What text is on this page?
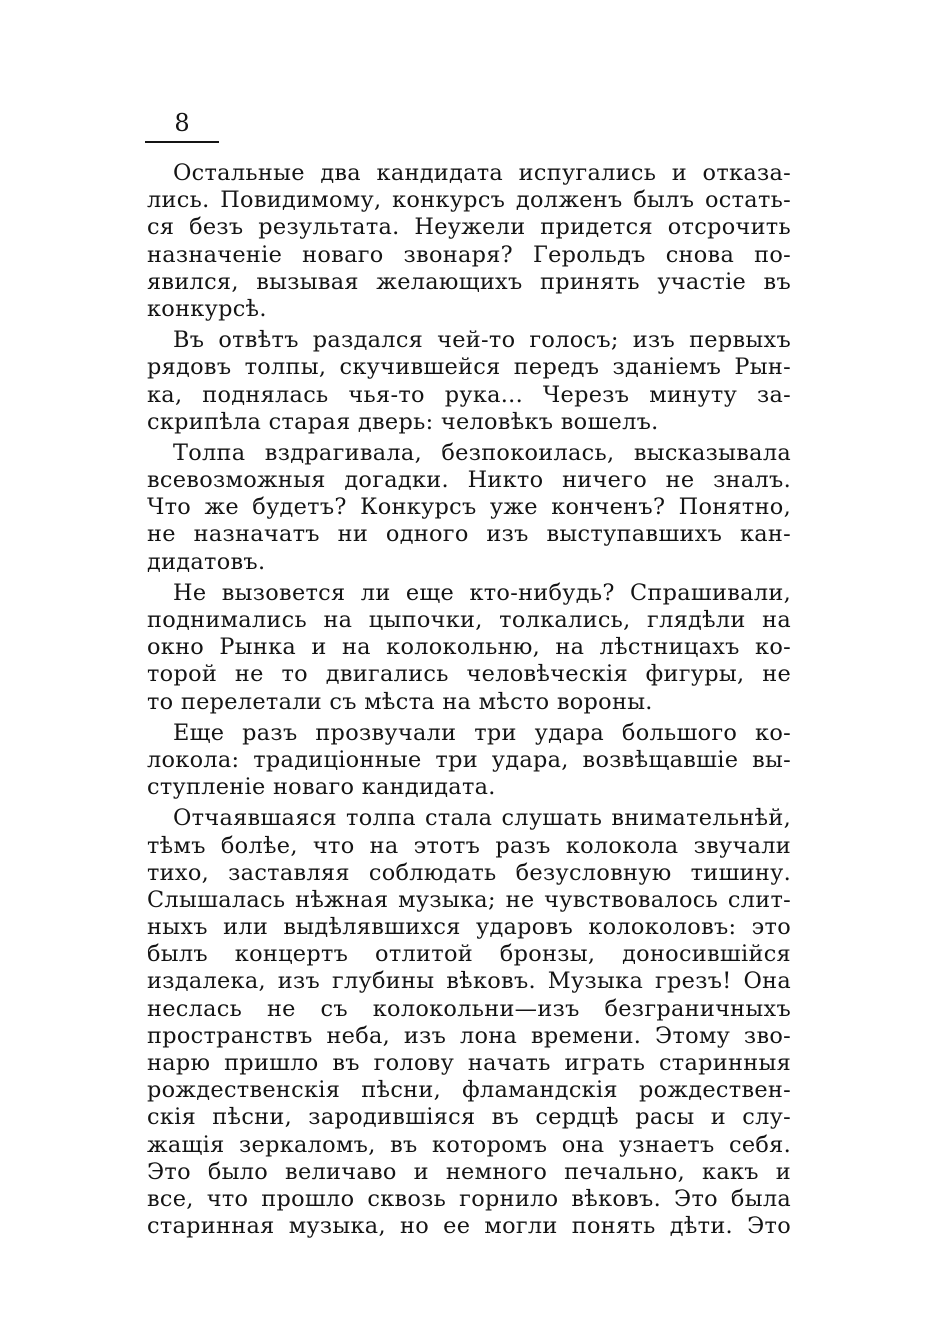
8
Остальные два кандидата испугались и отказа-
лись. Повидимому, конкурсъ долженъ былъ остать-
ся безъ результата. Неужели придется отсрочить
назначеніе новаго звонаря? Герольдъ снова по-
явился, вызывая желающихъ принять участіе въ
конкурсѣ.
Въ отвѣтъ раздался чей-то голосъ; изъ первыхъ
рядовъ толпы, скучившейся передъ зданіемъ Рын-
ка, поднялась чья-то рука... Черезъ минуту за-
скрипѣла старая дверь: человѣкъ вошелъ.
Толпа вздрагивала, безпокоилась, высказывала
всевозможныя догадки. Никто ничего не зналъ.
Что же будетъ? Конкурсъ уже конченъ? Понятно,
не назначатъ ни одного изъ выступавшихъ кан-
дидатовъ.
Не вызовется ли еще кто-нибудь? Спрашивали,
поднимались на цыпочки, толкались, глядѣли на
окно Рынка и на колокольню, на лѣстницахъ ко-
торой не то двигались человѣческія фигуры, не
то перелетали съ мѣста на мѣсто вороны.
Еще разъ прозвучали три удара большого ко-
локола: традиціонные три удара, возвѣщавшіе вы-
ступленіе новаго кандидата.
Отчаявшаяся толпа стала слушать внимательнѣй,
тѣмъ болѣе, что на этотъ разъ колокола звучали
тихо, заставляя соблюдать безусловную тишину.
Слышалась нѣжная музыка; не чувствовалось слит-
ныхъ или выдѣлявшихся ударовъ колоколовъ: это
былъ концертъ отлитой бронзы, доносившійся
издалека, изъ глубины вѣковъ. Музыка грезъ! Она
неслась не съ колокольни—изъ безграничныхъ
пространствъ неба, изъ лона времени. Этому зво-
нарю пришло въ голову начать играть старинныя
рождественскія пѣсни, фламандскія рождествен-
скія пѣсни, зародившіяся въ сердцѣ расы и слу-
жащія зеркаломъ, въ которомъ она узнаетъ себя.
Это было величаво и немного печально, какъ и
все, что прошло сквозь горнило вѣковъ. Это была
старинная музыка, но ее могли понять дѣти. Это
